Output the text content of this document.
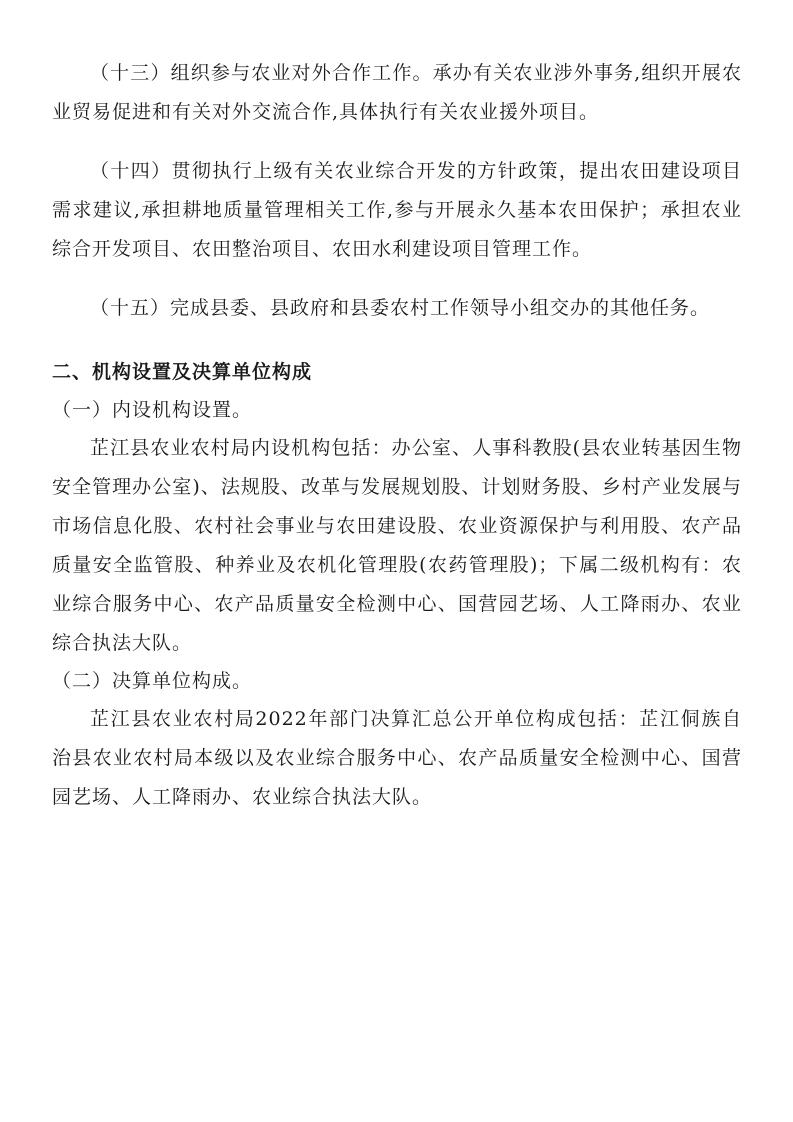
（十三）组织参与农业对外合作工作。承办有关农业涉外事务,组织开展农业贸易促进和有关对外交流合作,具体执行有关农业援外项目。

（十四）贯彻执行上级有关农业综合开发的方针政策，提出农田建设项目需求建议,承担耕地质量管理相关工作,参与开展永久基本农田保护；承担农业综合开发项目、农田整治项目、农田水利建设项目管理工作。

（十五）完成县委、县政府和县委农村工作领导小组交办的其他任务。

二、机构设置及决算单位构成

（一）内设机构设置。

芷江县农业农村局内设机构包括：办公室、人事科教股(县农业转基因生物安全管理办公室)、法规股、改革与发展规划股、计划财务股、乡村产业发展与市场信息化股、农村社会事业与农田建设股、农业资源保护与利用股、农产品质量安全监管股、种养业及农机化管理股(农药管理股)；下属二级机构有：农业综合服务中心、农产品质量安全检测中心、国营园艺场、人工降雨办、农业综合执法大队。

（二）决算单位构成。

芷江县农业农村局2022年部门决算汇总公开单位构成包括：芷江侗族自治县农业农村局本级以及农业综合服务中心、农产品质量安全检测中心、国营园艺场、人工降雨办、农业综合执法大队。
